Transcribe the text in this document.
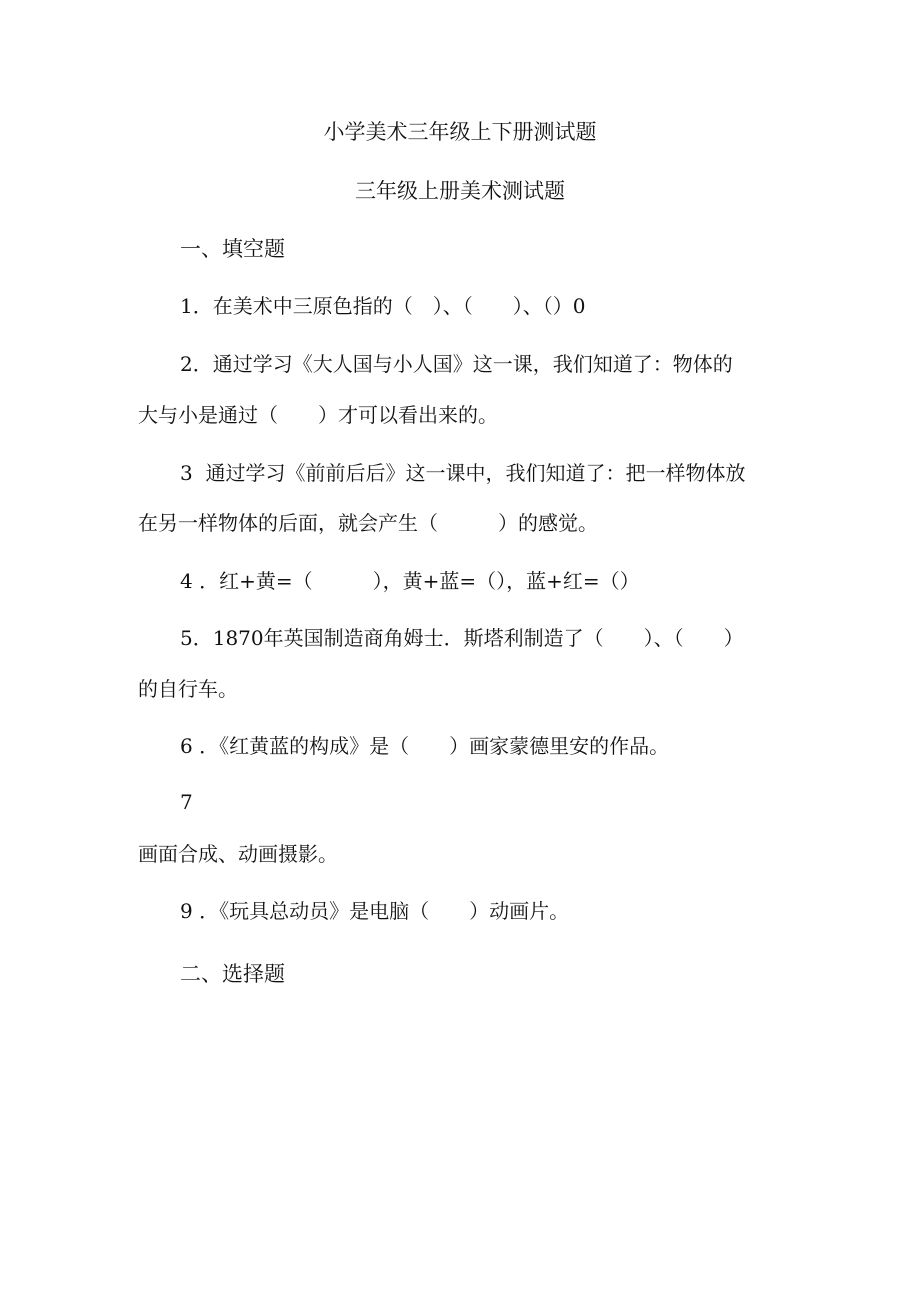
小学美术三年级上下册测试题
三年级上册美术测试题
一、填空题
1．在美术中三原色指的（　）、（　　）、（）0
2．通过学习《大人国与小人国》这一课，我们知道了：物体的
大与小是通过（　　）才可以看出来的。
3  通过学习《前前后后》这一课中，我们知道了：把一样物体放
在另一样物体的后面，就会产生（　　　）的感觉。
4 ．红+黄=（　　　），黄+蓝=（），蓝+红=（）
5．1870年英国制造商角姆士．斯塔利制造了（　　）、（　　）
的自行车。
6 ．《红黄蓝的构成》是（　　）画家蒙德里安的作品。
7
画面合成、动画摄影。
9 ．《玩具总动员》是电脑（　　）动画片。
二、选择题
